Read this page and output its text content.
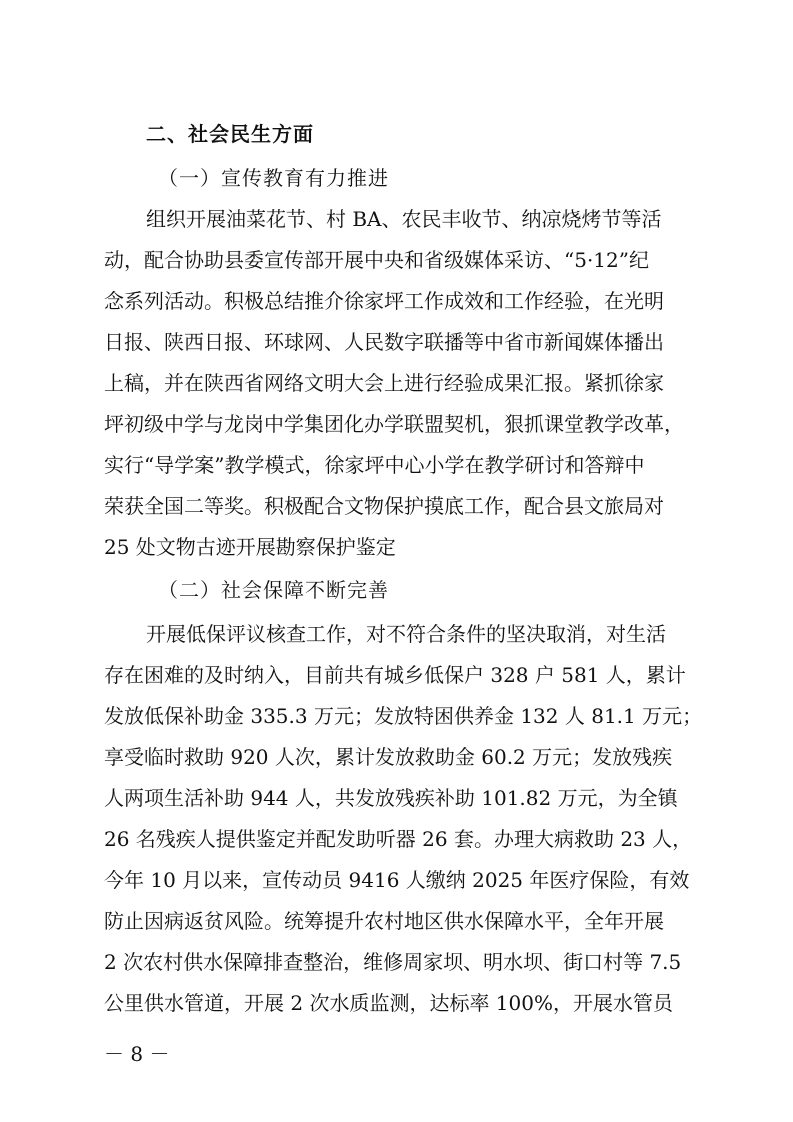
二、社会民生方面
（一）宣传教育有力推进
组织开展油菜花节、村 BA、农民丰收节、纳凉烧烤节等活
动，配合协助县委宣传部开展中央和省级媒体采访、“5·12”纪
念系列活动。积极总结推介徐家坪工作成效和工作经验，在光明
日报、陕西日报、环球网、人民数字联播等中省市新闻媒体播出
上稿，并在陕西省网络文明大会上进行经验成果汇报。紧抓徐家
坪初级中学与龙岗中学集团化办学联盟契机，狠抓课堂教学改革，
实行“导学案”教学模式，徐家坪中心小学在教学研讨和答辩中
荣获全国二等奖。积极配合文物保护摸底工作，配合县文旅局对
25 处文物古迹开展勘察保护鉴定
（二）社会保障不断完善
开展低保评议核查工作，对不符合条件的坚决取消，对生活
存在困难的及时纳入，目前共有城乡低保户 328 户 581 人，累计
发放低保补助金 335.3 万元；发放特困供养金 132 人 81.1 万元；
享受临时救助 920 人次，累计发放救助金 60.2 万元；发放残疾
人两项生活补助 944 人，共发放残疾补助 101.82 万元，为全镇
26 名残疾人提供鉴定并配发助听器 26 套。办理大病救助 23 人，
今年 10 月以来，宣传动员 9416 人缴纳 2025 年医疗保险，有效
防止因病返贫风险。统筹提升农村地区供水保障水平，全年开展
2 次农村供水保障排查整治，维修周家坝、明水坝、街口村等 7.5
公里供水管道，开展 2 次水质监测，达标率 100%，开展水管员
－ 8 －
